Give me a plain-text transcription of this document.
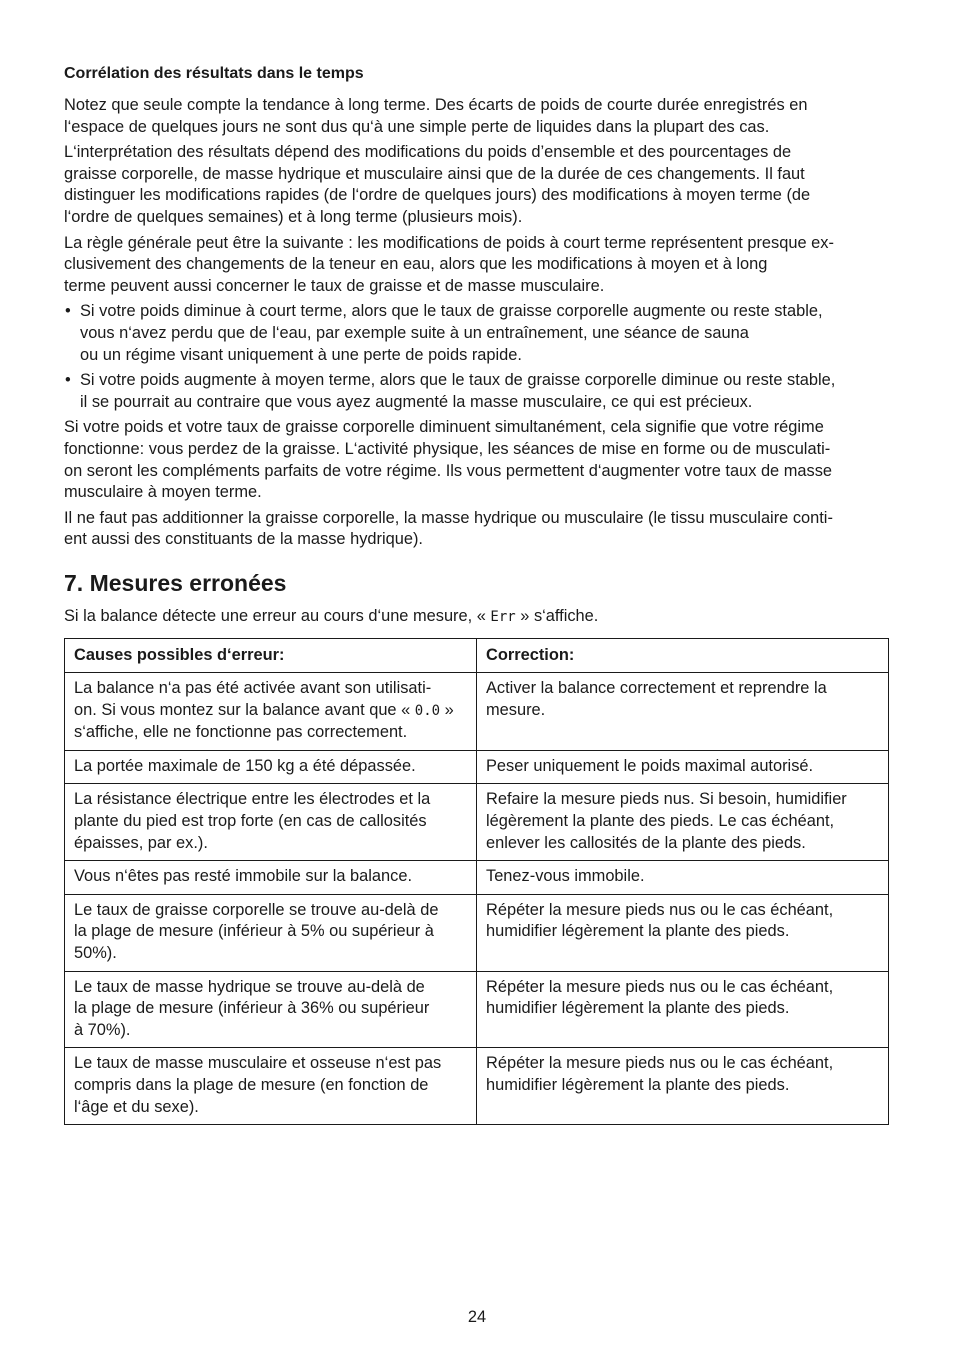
Corrélation des résultats dans le temps

Notez que seule compte la tendance à long terme. Des écarts de poids de courte durée enregistrés en
l‘espace de quelques jours ne sont dus qu‘à une simple perte de liquides dans la plupart des cas.

L‘interprétation des résultats dépend des modifications du poids d’ensemble et des pourcentages de
graisse corporelle, de masse hydrique et musculaire ainsi que de la durée de ces changements. Il faut
distinguer les modifications rapides (de l‘ordre de quelques jours) des modifications à moyen terme (de
l‘ordre de quelques semaines) et à long terme (plusieurs mois).

La règle générale peut être la suivante : les modifications de poids à court terme représentent presque ex-
clusivement des changements de la teneur en eau, alors que les modifications à moyen et à long
terme peuvent aussi concerner le taux de graisse et de masse musculaire.

• Si votre poids diminue à court terme, alors que le taux de graisse corporelle augmente ou reste stable,
vous n‘avez perdu que de l‘eau, par exemple suite à un entraînement, une séance de sauna
ou un régime visant uniquement à une perte de poids rapide.
• Si votre poids augmente à moyen terme, alors que le taux de graisse corporelle diminue ou reste stable,
il se pourrait au contraire que vous ayez augmenté la masse musculaire, ce qui est précieux.

Si votre poids et votre taux de graisse corporelle diminuent simultanément, cela signifie que votre régime
fonctionne: vous perdez de la graisse. L‘activité physique, les séances de mise en forme ou de musculati-
on seront les compléments parfaits de votre régime. Ils vous permettent d‘augmenter votre taux de masse
musculaire à moyen terme.

Il ne faut pas additionner la graisse corporelle, la masse hydrique ou musculaire (le tissu musculaire conti-
ent aussi des constituants de la masse hydrique).

7. Mesures erronées
Si la balance détecte une erreur au cours d‘une mesure, « Err » s‘affiche.
Causes possibles d‘erreur:	Correction:
La balance n‘a pas été activée avant son utilisati-
on. Si vous montez sur la balance avant que « 0.0 »
s‘affiche, elle ne fonctionne pas correctement.	Activer la balance correctement et reprendre la
mesure.
La portée maximale de 150 kg a été dépassée.	Peser uniquement le poids maximal autorisé.
La résistance électrique entre les électrodes et la
plante du pied est trop forte (en cas de callosités
épaisses, par ex.).	Refaire la mesure pieds nus. Si besoin, humidifier
légèrement la plante des pieds. Le cas échéant,
enlever les callosités de la plante des pieds.
Vous n‘êtes pas resté immobile sur la balance.	Tenez-vous immobile.
Le taux de graisse corporelle se trouve au-delà de
la plage de mesure (inférieur à 5% ou supérieur à
50%).	Répéter la mesure pieds nus ou le cas échéant,
humidifier légèrement la plante des pieds.
Le taux de masse hydrique se trouve au-delà de
la plage de mesure (inférieur à 36% ou supérieur
à 70%).	Répéter la mesure pieds nus ou le cas échéant,
humidifier légèrement la plante des pieds.
Le taux de masse musculaire et osseuse n‘est pas
compris dans la plage de mesure (en fonction de
l‘âge et du sexe).	Répéter la mesure pieds nus ou le cas échéant,
humidifier légèrement la plante des pieds.
24
